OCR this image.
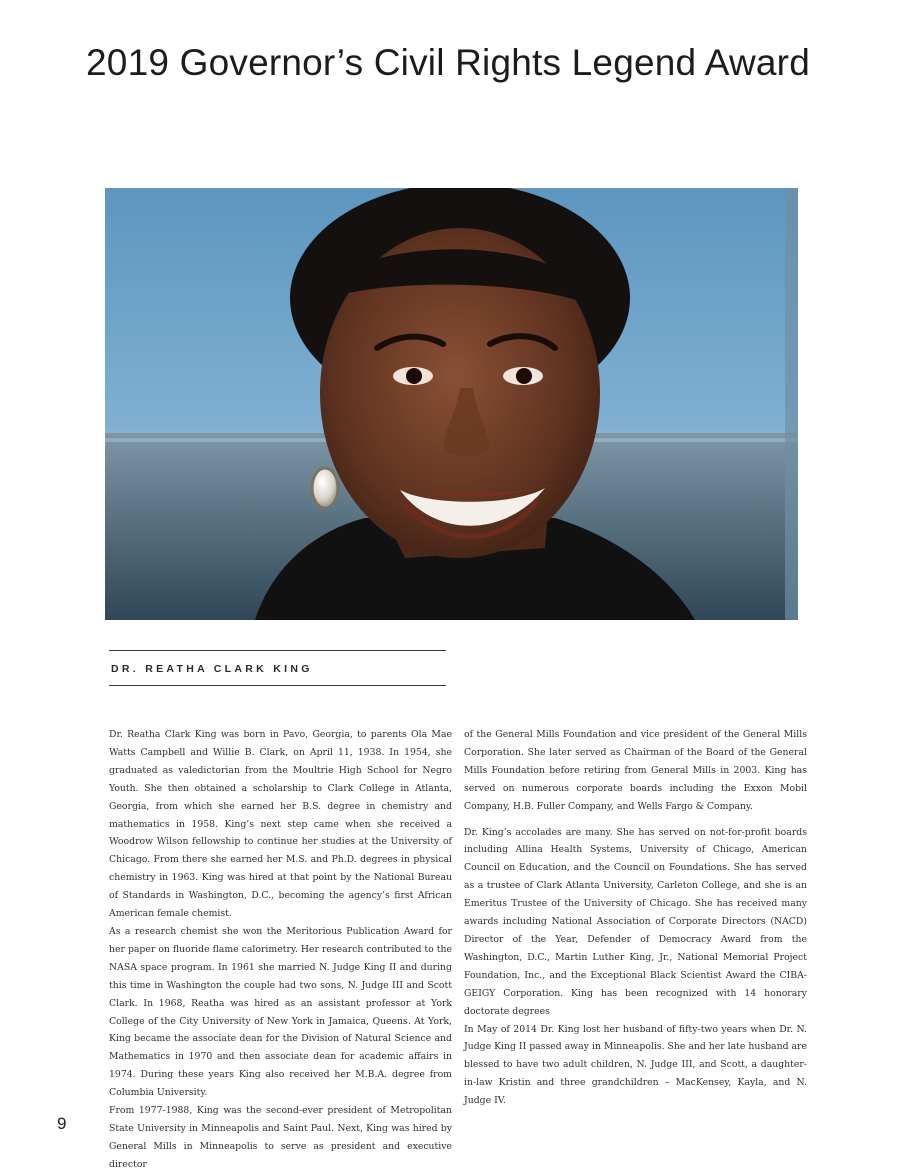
2019 Governor’s Civil Rights Legend Award

DR. REATHA CLARK KING

Dr. Reatha Clark King was born in Pavo, Georgia, to parents Ola Mae Watts Campbell and Willie B. Clark, on April 11, 1938. In 1954, she graduated as valedictorian from the Moultrie High School for Negro Youth. She then obtained a scholarship to Clark College in Atlanta, Georgia, from which she earned her B.S. degree in chemistry and mathematics in 1958. King’s next step came when she received a Woodrow Wilson fellowship to continue her studies at the University of Chicago. From there she earned her M.S. and Ph.D. degrees in physical chemistry in 1963. King was hired at that point by the National Bureau of Standards in Washington, D.C., becoming the agency’s first African American female chemist.

As a research chemist she won the Meritorious Publication Award for her paper on fluoride flame calorimetry. Her research contributed to the NASA space program. In 1961 she married N. Judge King II and during this time in Washington the couple had two sons, N. Judge III and Scott Clark. In 1968, Reatha was hired as an assistant professor at York College of the City University of New York in Jamaica, Queens. At York, King became the associate dean for the Division of Natural Science and Mathematics in 1970 and then associate dean for academic affairs in 1974. During these years King also received her M.B.A. degree from Columbia University.

From 1977-1988, King was the second-ever president of Metropolitan State University in Minneapolis and Saint Paul. Next, King was hired by General Mills in Minneapolis to serve as president and executive director

of the General Mills Foundation and vice president of the General Mills Corporation. She later served as Chairman of the Board of the General Mills Foundation before retiring from General Mills in 2003. King has served on numerous corporate boards including the Exxon Mobil Company, H.B. Fuller Company, and Wells Fargo & Company.

Dr. King’s accolades are many. She has served on not-for-profit boards including Allina Health Systems, University of Chicago, American Council on Education, and the Council on Foundations. She has served as a trustee of Clark Atlanta University, Carleton College, and she is an Emeritus Trustee of the University of Chicago. She has received many awards including National Association of Corporate Directors (NACD) Director of the Year, Defender of Democracy Award from the Washington, D.C., Martin Luther King, Jr., National Memorial Project Foundation, Inc., and the Exceptional Black Scientist Award the CIBA-GEIGY Corporation. King has been recognized with 14 honorary doctorate degrees

In May of 2014 Dr. King lost her husband of fifty-two years when Dr. N. Judge King II passed away in Minneapolis. She and her late husband are blessed to have two adult children, N. Judge III, and Scott, a daughter-in-law Kristin and three grandchildren – MacKensey, Kayla, and N. Judge IV.

9
